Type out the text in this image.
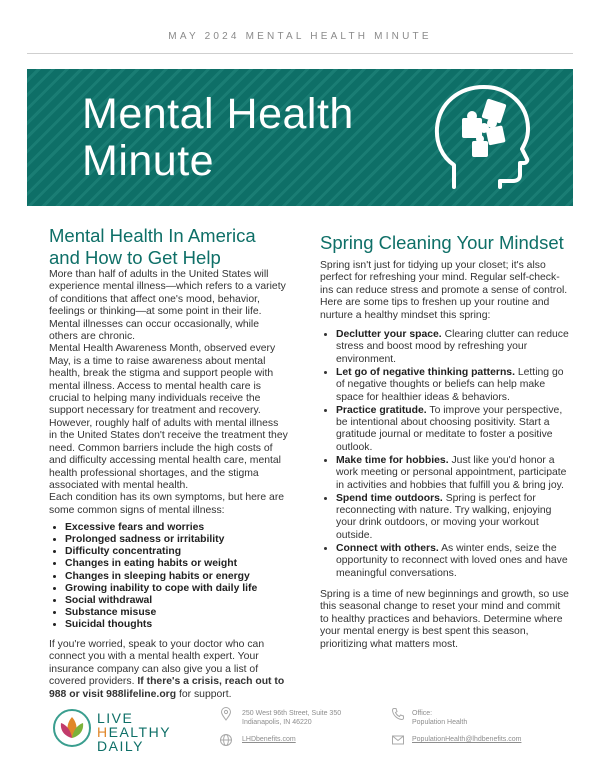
MAY 2024 MENTAL HEALTH MINUTE
Mental Health
Minute
Mental Health In America and How to Get Help

More than half of adults in the United States will experience mental illness—which refers to a variety of conditions that affect one's mood, behavior, feelings or thinking—at some point in their life. Mental illnesses can occur occasionally, while others are chronic.

Mental Health Awareness Month, observed every May, is a time to raise awareness about mental health, break the stigma and support people with mental illness. Access to mental health care is crucial to helping many individuals receive the support necessary for treatment and recovery. However, roughly half of adults with mental illness in the United States don't receive the treatment they need. Common barriers include the high costs of and difficulty accessing mental health care, mental health professional shortages, and the stigma associated with mental health.

Each condition has its own symptoms, but here are some common signs of mental illness:

• Excessive fears and worries
• Prolonged sadness or irritability
• Difficulty concentrating
• Changes in eating habits or weight
• Changes in sleeping habits or energy
• Growing inability to cope with daily life
• Social withdrawal
• Substance misuse
• Suicidal thoughts

If you're worried, speak to your doctor who can connect you with a mental health expert. Your insurance company can also give you a list of covered providers. If there's a crisis, reach out to 988 or visit 988lifeline.org for support.

Spring Cleaning Your Mindset

Spring isn't just for tidying up your closet; it's also perfect for refreshing your mind. Regular self-check-ins can reduce stress and promote a sense of control. Here are some tips to freshen up your routine and nurture a healthy mindset this spring:

• Declutter your space. Clearing clutter can reduce stress and boost mood by refreshing your environment.
• Let go of negative thinking patterns. Letting go of negative thoughts or beliefs can help make space for healthier ideas & behaviors.
• Practice gratitude. To improve your perspective, be intentional about choosing positivity. Start a gratitude journal or meditate to foster a positive outlook.
• Make time for hobbies. Just like you'd honor a work meeting or personal appointment, participate in activities and hobbies that fulfill you & bring joy.
• Spend time outdoors. Spring is perfect for reconnecting with nature. Try walking, enjoying your drink outdoors, or moving your workout outside.
• Connect with others. As winter ends, seize the opportunity to reconnect with loved ones and have meaningful conversations.

Spring is a time of new beginnings and growth, so use this seasonal change to reset your mind and commit to healthy practices and behaviors. Determine where your mental energy is best spent this season, prioritizing what matters most.

LIVE
HEALTHY
DAILY
250 West 96th Street, Suite 350
Indianapolis, IN 46220
Office:
Population Health
LHDbenefits.com	PopulationHealth@lhdbenefits.com
